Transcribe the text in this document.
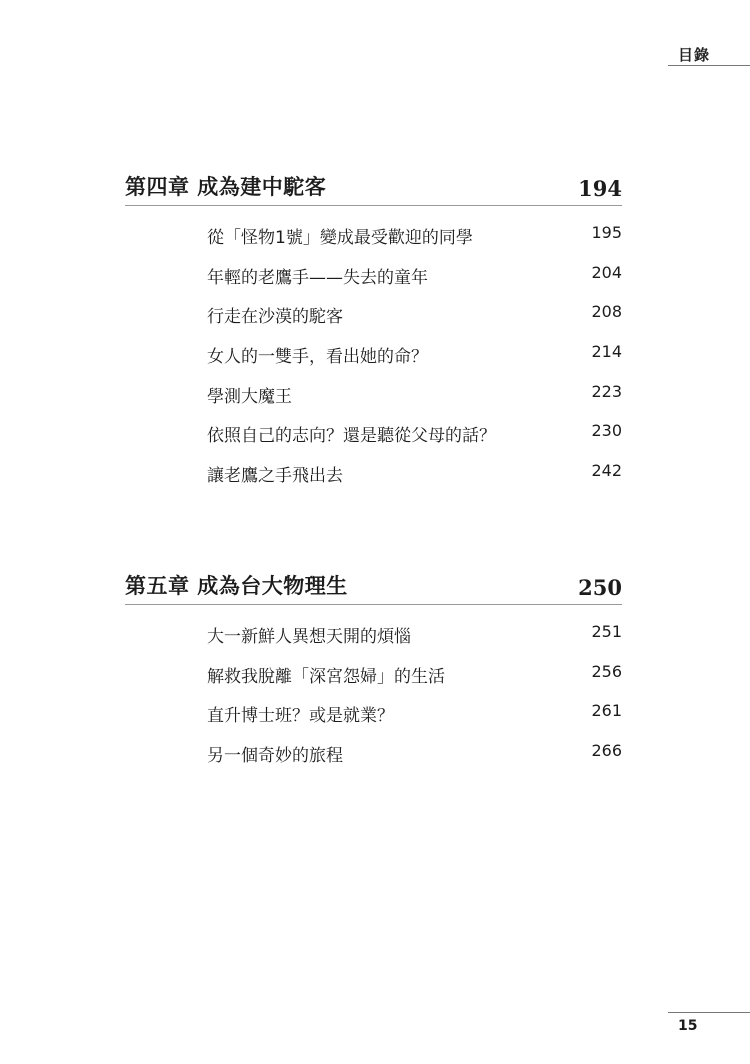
目錄
第四章 成為建中駝客	194
從「怪物1號」變成最受歡迎的同學	195
年輕的老鷹手——失去的童年	204
行走在沙漠的駝客	208
女人的一雙手，看出她的命？	214
學測大魔王	223
依照自己的志向？還是聽從父母的話？	230
讓老鷹之手飛出去	242
第五章 成為台大物理生	250
大一新鮮人異想天開的煩惱	251
解救我脫離「深宮怨婦」的生活	256
直升博士班？或是就業？	261
另一個奇妙的旅程	266
15
